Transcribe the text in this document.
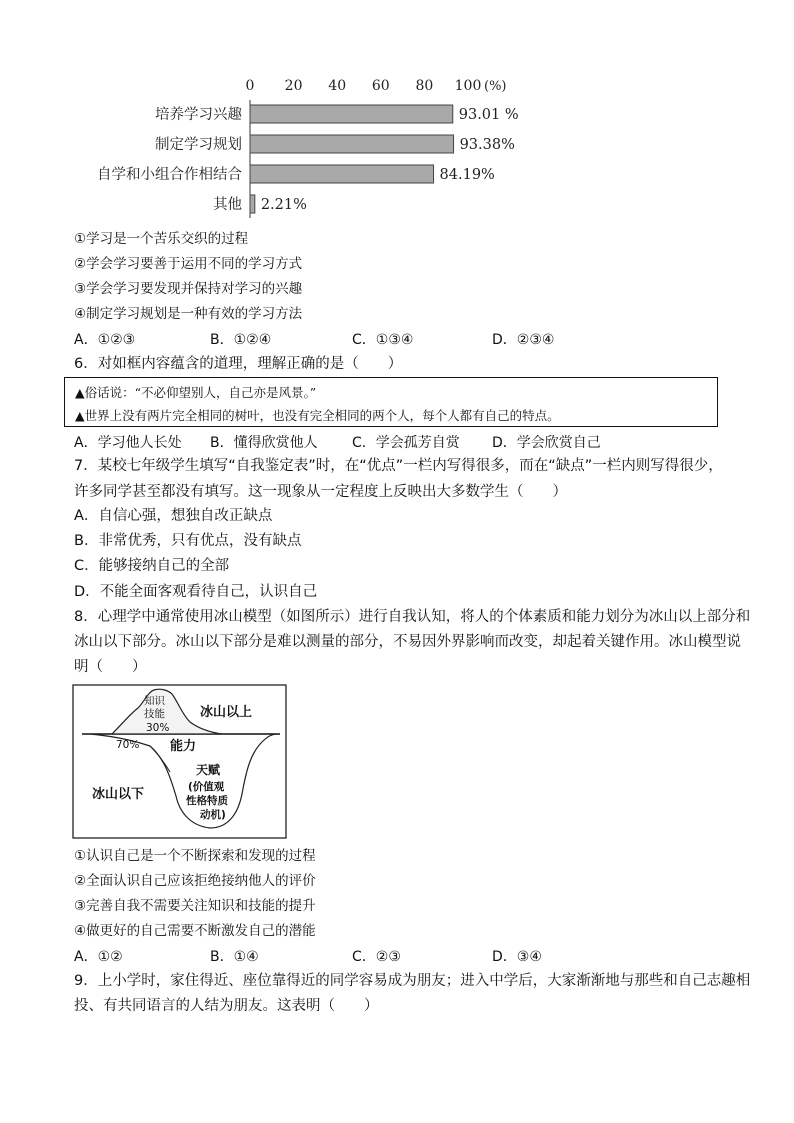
0 20 40 60 80 100 (%)
培养学习兴趣	93.01 %
制定学习规划	93.38%
自学和小组合作相结合	84.19%
其他 2.21%
①学习是一个苦乐交织的过程
②学会学习要善于运用不同的学习方式
③学会学习要发现并保持对学习的兴趣
④制定学习规划是一种有效的学习方法
A．①②③	B．①②④	C．①③④	D．②③④
6．对如框内容蕴含的道理，理解正确的是（　　）
▲俗话说：“不必仰望别人，自己亦是风景。”
▲世界上没有两片完全相同的树叶，也没有完全相同的两个人，每个人都有自己的特点。
A．学习他人长处 B．懂得欣赏他人 C．学会孤芳自赏 D．学会欣赏自己
7．某校七年级学生填写“自我鉴定表”时，在“优点”一栏内写得很多，而在“缺点”一栏内则写得很少，
许多同学甚至都没有填写。这一现象从一定程度上反映出大多数学生（　　）
A．自信心强，想独自改正缺点
B．非常优秀，只有优点，没有缺点
C．能够接纳自己的全部
D．不能全面客观看待自己，认识自己
8．心理学中通常使用冰山模型（如图所示）进行自我认知，将人的个体素质和能力划分为冰山以上部分和
冰山以下部分。冰山以下部分是难以测量的部分，不易因外界影响而改变，却起着关键作用。冰山模型说
明（　　）
知识
技能
30%
冰山以上
70% 能力
冰山以下
天赋
(价值观
性格特质
动机)
①认识自己是一个不断探索和发现的过程
②全面认识自己应该拒绝接纳他人的评价
③完善自我不需要关注知识和技能的提升
④做更好的自己需要不断激发自己的潜能
A．①②	B．①④	C．②③	D．③④
9．上小学时，家住得近、座位靠得近的同学容易成为朋友；进入中学后，大家渐渐地与那些和自己志趣相
投、有共同语言的人结为朋友。这表明（　　）
